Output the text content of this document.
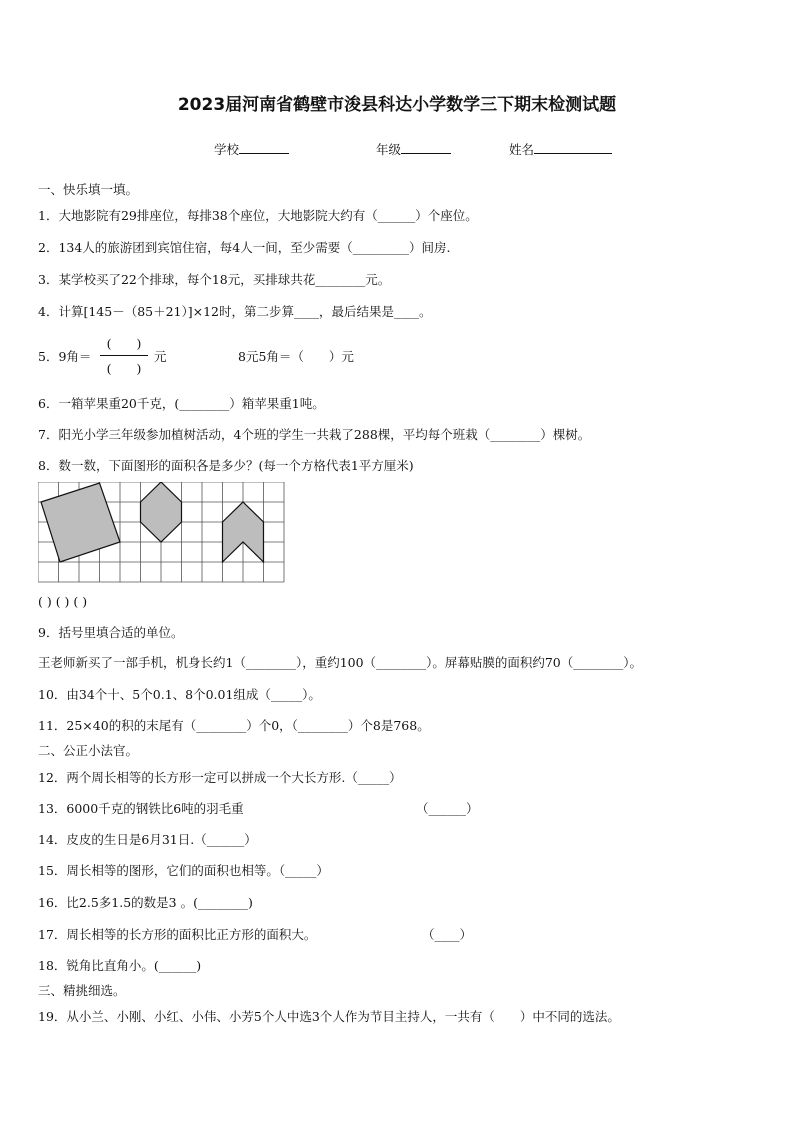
2023届河南省鹤壁市浚县科达小学数学三下期末检测试题
学校	年级	姓名
一、快乐填一填。
1．大地影院有29排座位，每排38个座位，大地影院大约有（______）个座位。
2．134人的旅游团到宾馆住宿，每4人一间，至少需要（_________）间房.
3．某学校买了22个排球，每个18元，买排球共花________元。
4．计算[145－（85＋21）]×12时，第二步算____，最后结果是____。
5．9角＝
(　　)
(　　)
元	8元5角＝（　　）元
6．一箱苹果重20千克，(________）箱苹果重1吨。
7．阳光小学三年级参加植树活动，4个班的学生一共栽了288棵，平均每个班栽（________）棵树。
8．数一数，下面图形的面积各是多少？(每一个方格代表1平方厘米)
( ) ( ) ( )
9．括号里填合适的单位。
王老师新买了一部手机，机身长约1（________），重约100（________）。屏幕贴膜的面积约70（________）。
10．由34个十、5个0.1、8个0.01组成（_____）。
11．25×40的积的末尾有（________）个0，（________）个8是768。
二、公正小法官。
12．两个周长相等的长方形一定可以拼成一个大长方形.（_____）
13．6000千克的钢铁比6吨的羽毛重	（______）
14．皮皮的生日是6月31日.（______）
15．周长相等的图形，它们的面积也相等。（_____）
16．比2.5多1.5的数是3 。(________)
17．周长相等的长方形的面积比正方形的面积大。	（____）
18．锐角比直角小。(______)
三、精挑细选。
19．从小兰、小刚、小红、小伟、小芳5个人中选3个人作为节目主持人，一共有（　　）中不同的选法。
